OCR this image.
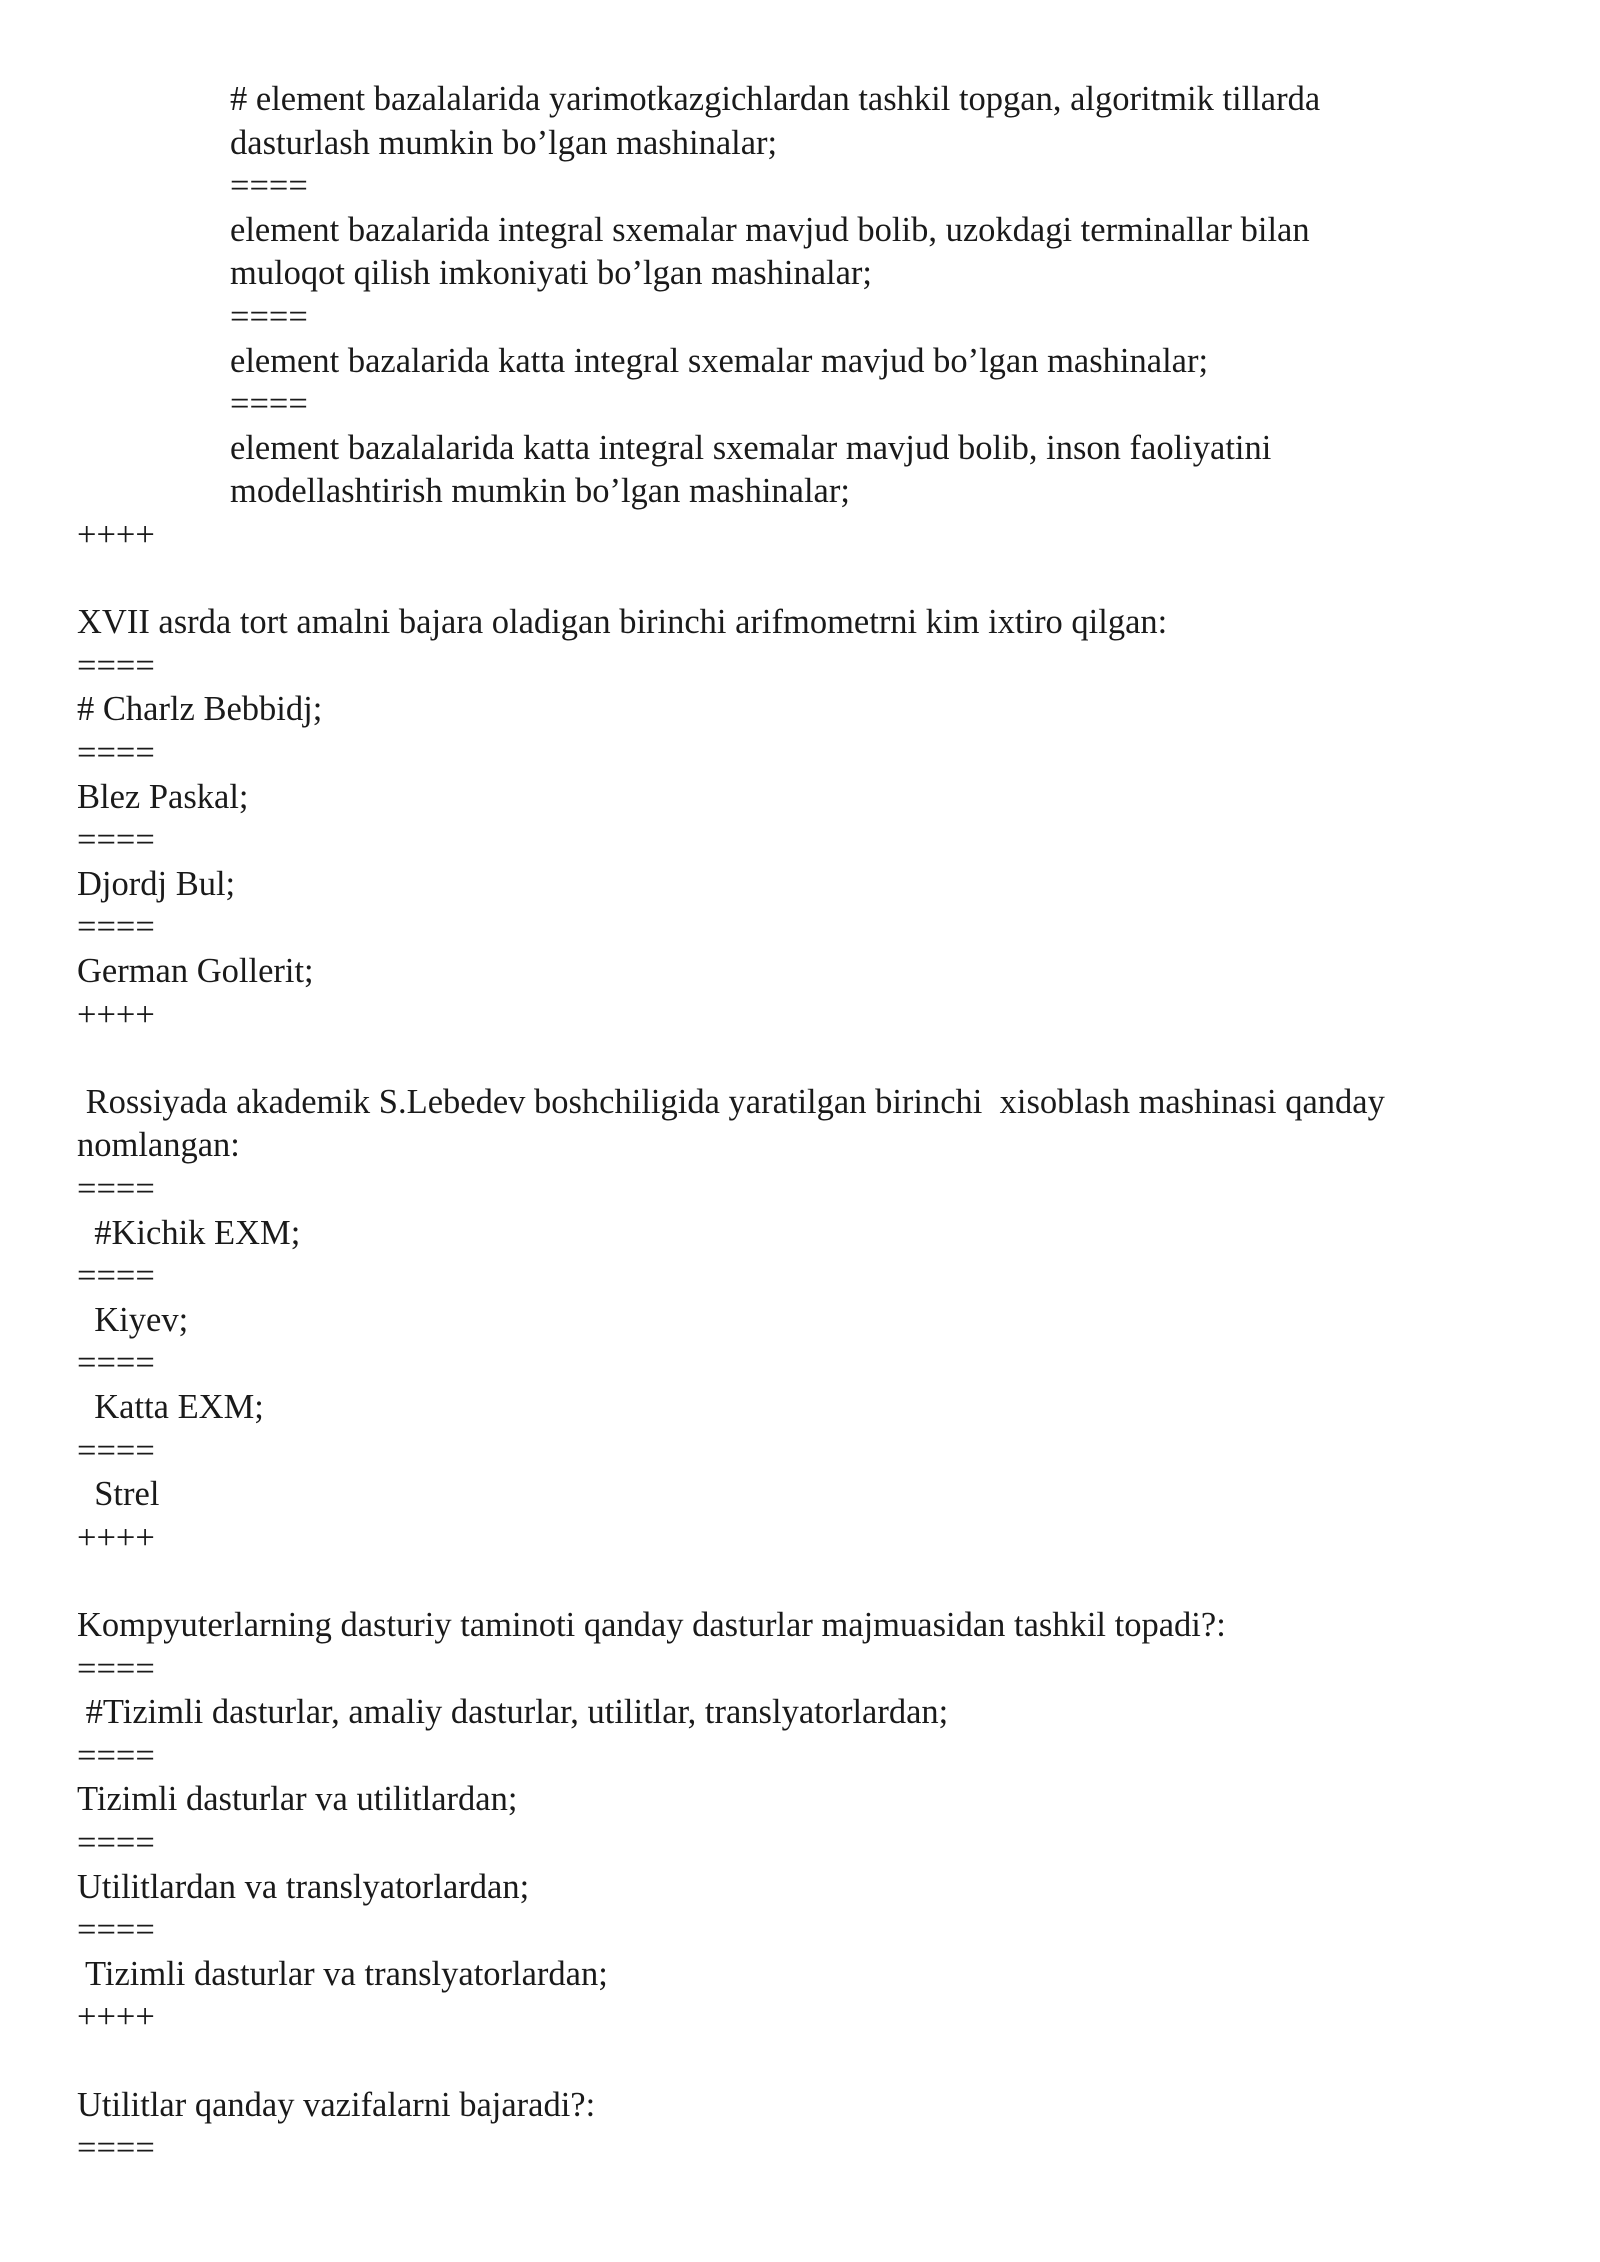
# element bazalalarida yarimotkazgichlardan tashkil topgan, algoritmik tillarda

dasturlash mumkin bo’lgan mashinalar;

====

element bazalarida integral sxemalar mavjud bolib, uzokdagi terminallar bilan

muloqot qilish imkoniyati bo’lgan mashinalar;

====

element bazalarida katta integral sxemalar mavjud bo’lgan mashinalar;

====

element bazalalarida katta integral sxemalar mavjud bolib, inson faoliyatini

modellashtirish mumkin bo’lgan mashinalar;

++++

XVII asrda tort amalni bajara oladigan birinchi arifmometrni kim ixtiro qilgan:

====

# Charlz Bebbidj;

====

Blez Paskal;

====

Djordj Bul;

====

German Gollerit;

++++

Rossiyada akademik S.Lebedev boshchiligida yaratilgan birinchi  xisoblash mashinasi qanday

nomlangan:

====

#Kichik EXM;

====

Kiyev;

====

Katta EXM;

====

Strel

++++

Kompyuterlarning dasturiy taminoti qanday dasturlar majmuasidan tashkil topadi?:

====

#Tizimli dasturlar, amaliy dasturlar, utilitlar, translyatorlardan;

====

Tizimli dasturlar va utilitlardan;

====

Utilitlardan va translyatorlardan;

====

Tizimli dasturlar va translyatorlardan;

++++

Utilitlar qanday vazifalarni bajaradi?:

====
